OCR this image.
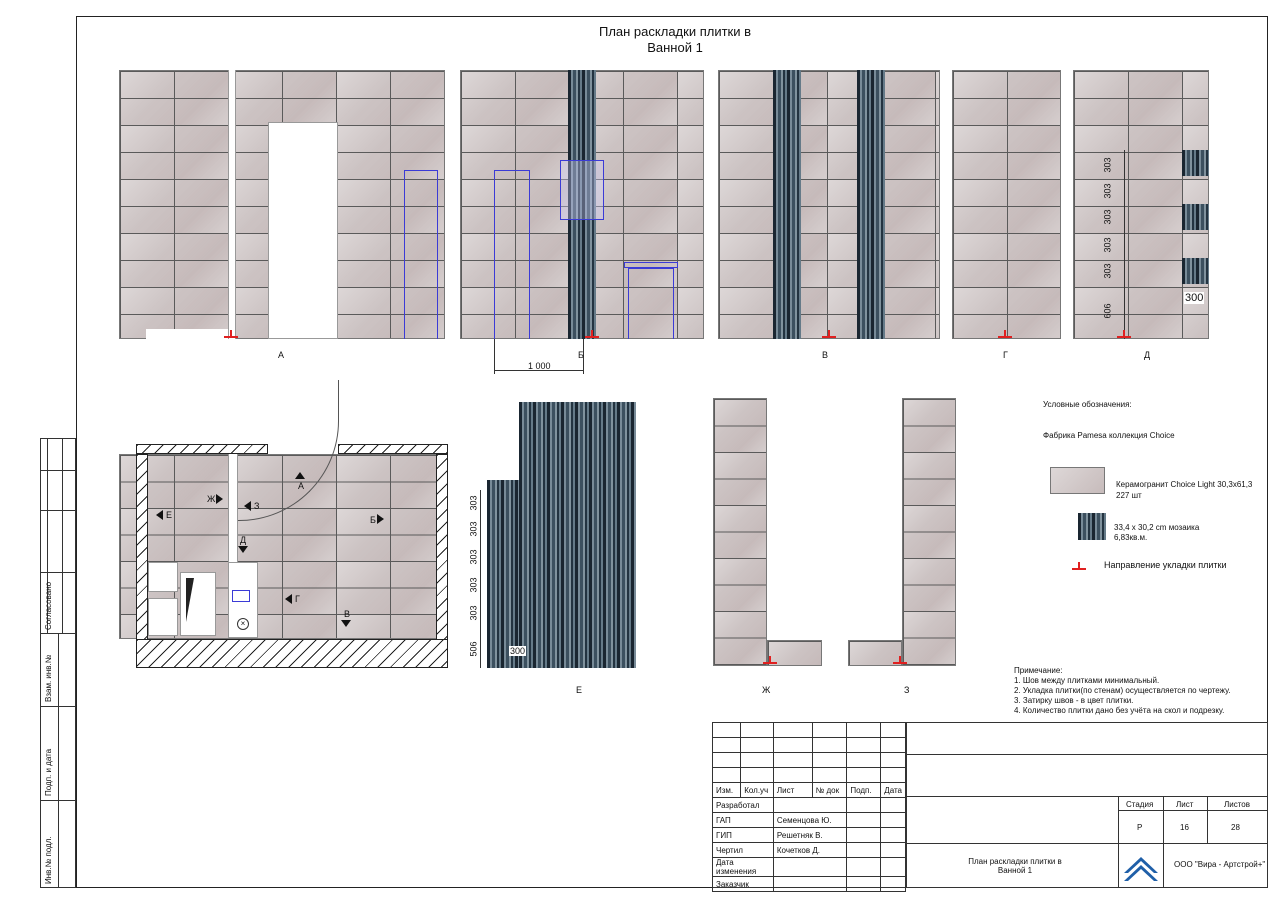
Согласовано
Взам. инв.№
Подп. и дата
Инв.№ подл.
План раскладки плитки в
Ванной 1
А
1 000
Б	В	Г
303
303
303
303
303
606
300
Д
×
А
Б
В
Г
Д
Е
Ж
З	303
303
303
303
303
506	300
Е	Ж	З
Условные обозначения:
Фабрика Pamesa коллекция Choice
Керамогранит Choice Light 30,3x61,3
227 шт
33,4 х 30,2 cm мозаика
6,83кв.м.
Направление укладки плитки
Примечание:
1. Шов между плитками минимальный.
2. Укладка плитки(по стенам) осуществляется по чертежу.
3. Затирку швов - в цвет плитки.
4. Количество плитки дано без учёта на скол и подрезку.
Стадия	Лист	Листов
Р	16	28
План раскладки плитки в
Ванной 1
ООО "Вира - Артстрой+"

Изм.	Кол.уч	Лист	№ док	Подп.	Дата
Разработал					
ГАП		Семенцова Ю.			
ГИП		Решетняк В.			
Чертил		Кочетков Д.			
Дата изменения					
Заказчик					
